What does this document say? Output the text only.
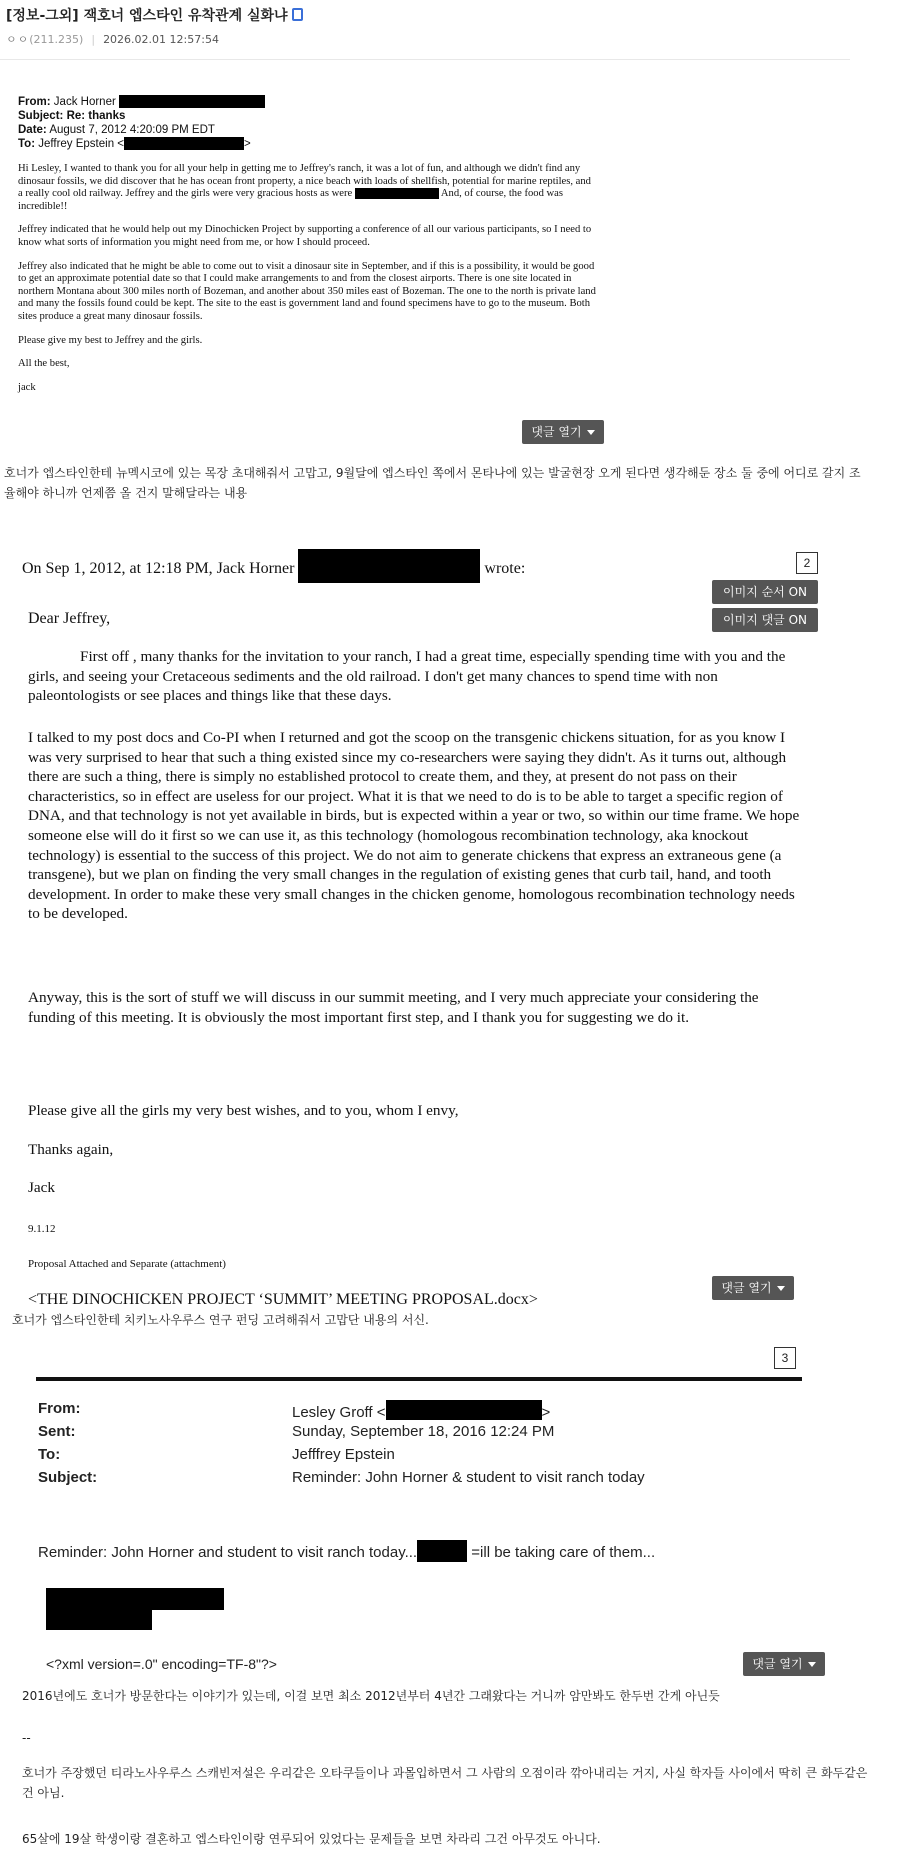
[정보-그외] 잭호너 엡스타인 유착관계 실화냐
ㅇㅇ(211.235) | 2026.02.01 12:57:54
From: Jack Horner
Subject: Re: thanks
Date: August 7, 2012 4:20:09 PM EDT
To: Jeffrey Epstein <	>

Hi Lesley, I wanted to thank you for all your help in getting me to Jeffrey's ranch, it was a lot of fun, and although we didn't find any dinosaur fossils, we did discover that he has ocean front property, a nice beach with loads of shellfish, potential for marine reptiles, and a really cool old railway. Jeffrey and the girls were very gracious hosts as were	And, of course, the food was incredible!!

Jeffrey indicated that he would help out my Dinochicken Project by supporting a conference of all our various participants, so I need to know what sorts of information you might need from me, or how I should proceed.

Jeffrey also indicated that he might be able to come out to visit a dinosaur site in September, and if this is a possibility, it would be good to get an approximate potential date so that I could make arrangements to and from the closest airports. There is one site located in northern Montana about 300 miles north of Bozeman, and another about 350 miles east of Bozeman. The one to the north is private land and many the fossils found could be kept. The site to the east is government land and found specimens have to go to the museum. Both sites produce a great many dinosaur fossils.

Please give my best to Jeffrey and the girls.

All the best,

jack

댓글 열기
호너가 엡스타인한테 뉴멕시코에 있는 목장 초대해줘서 고맙고, 9월달에 엡스타인 쪽에서 몬타나에 있는 발굴현장 오게 된다면 생각해둔 장소 둘 중에 어디로 갈지 조율해야 하니까 언제쯤 올 건지 말해달라는 내용
2
이미지 순서 ON
이미지 댓글 ON
On Sep 1, 2012, at 12:18 PM, Jack Horner	wrote:
Dear Jeffrey,

First off , many thanks for the invitation to your ranch, I had a great time, especially spending time with you and the girls, and seeing your Cretaceous sediments and the old railroad. I don't get many chances to spend time with non paleontologists or see places and things like that these days.

I talked to my post docs and Co-PI when I returned and got the scoop on the transgenic chickens situation, for as you know I was very surprised to hear that such a thing existed since my co-researchers were saying they didn't. As it turns out, although there are such a thing, there is simply no established protocol to create them, and they, at present do not pass on their characteristics, so in effect are useless for our project. What it is that we need to do is to be able to target a specific region of DNA, and that technology is not yet available in birds, but is expected within a year or two, so within our time frame. We hope someone else will do it first so we can use it, as this technology (homologous recombination technology, aka knockout technology) is essential to the success of this project. We do not aim to generate chickens that express an extraneous gene (a transgene), but we plan on finding the very small changes in the regulation of existing genes that curb tail, hand, and tooth development. In order to make these very small changes in the chicken genome, homologous recombination technology needs to be developed.

Anyway, this is the sort of stuff we will discuss in our summit meeting, and I very much appreciate your considering the funding of this meeting. It is obviously the most important first step, and I thank you for suggesting we do it.

Please give all the girls my very best wishes, and to you, whom I envy,

Thanks again,

Jack

9.1.12

Proposal Attached and Separate (attachment)

<THE DINOCHICKEN PROJECT ‘SUMMIT’ MEETING PROPOSAL.docx>

댓글 열기
호너가 엡스타인한테 치키노사우루스 연구 펀딩 고려해줘서 고맙단 내용의 서신.
3
From:	Lesley Groff <	>
Sent:	Sunday, September 18, 2016 12:24 PM
To:	Jefffrey Epstein
Subject:	Reminder: John Horner & student to visit ranch today
Reminder: John Horner and student to visit ranch today...	=ill be taking care of them...
<?xml version=.0" encoding=TF-8"?>	댓글 열기
2016년에도 호너가 방문한다는 이야기가 있는데, 이걸 보면 최소 2012년부터 4년간 그래왔다는 거니까 암만봐도 한두번 간게 아닌듯
--
호너가 주장했던 티라노사우루스 스캐빈저설은 우리같은 오타쿠들이나 과몰입하면서 그 사람의 오점이라 깎아내리는 거지, 사실 학자들 사이에서 딱히 큰 화두같은 건 아님.
65살에 19살 학생이랑 결혼하고 엡스타인이랑 연루되어 있었다는 문제들을 보면 차라리 그건 아무것도 아니다.
